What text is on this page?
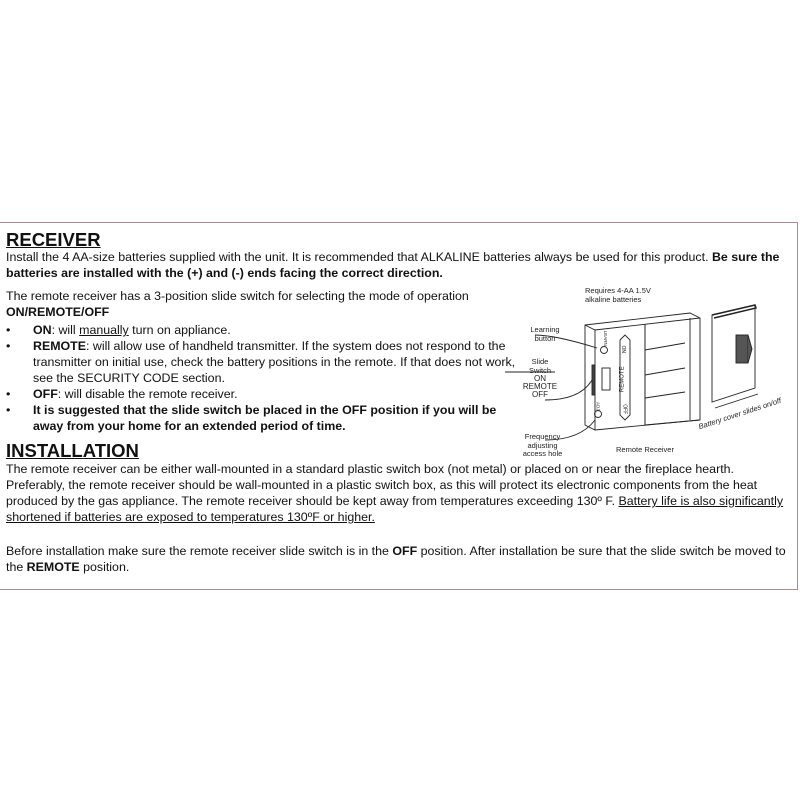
RECEIVER
Install the 4 AA-size batteries supplied with the unit. It is recommended that ALKALINE batteries always be used for this product. Be sure the batteries are installed with the (+) and (-) ends facing the correct direction.
The remote receiver has a 3-position slide switch for selecting the mode of operation
ON/REMOTE/OFF
• ON: will manually turn on appliance.
• REMOTE: will allow use of handheld transmitter. If the system does not respond to the transmitter on initial use, check the battery positions in the remote. If that does not work, see the SECURITY CODE section.
• OFF: will disable the remote receiver.
• It is suggested that the slide switch be placed in the OFF position if you will be away from your home for an extended period of time.
INSTALLATION
The remote receiver can be either wall-mounted in a standard plastic switch box (not metal) or placed on or near the fireplace hearth. Preferably, the remote receiver should be wall-mounted in a plastic switch box, as this will protect its electronic components from the heat produced by the gas appliance. The remote receiver should be kept away from temperatures exceeding 130º F. Battery life is also significantly shortened if batteries are exposed to temperatures 130ºF or higher.
Before installation make sure the remote receiver slide switch is in the OFF position. After installation be sure that the slide switch be moved to the REMOTE position.
Requires 4-AA 1.5V alkaline batteries
Learning button
Slide Switch
ON
REMOTE
OFF
Frequency adjusting access hole	Remote Receiver
Battery cover slides on/off
LEARN
ON
REMOTE
OFF
ADJ
